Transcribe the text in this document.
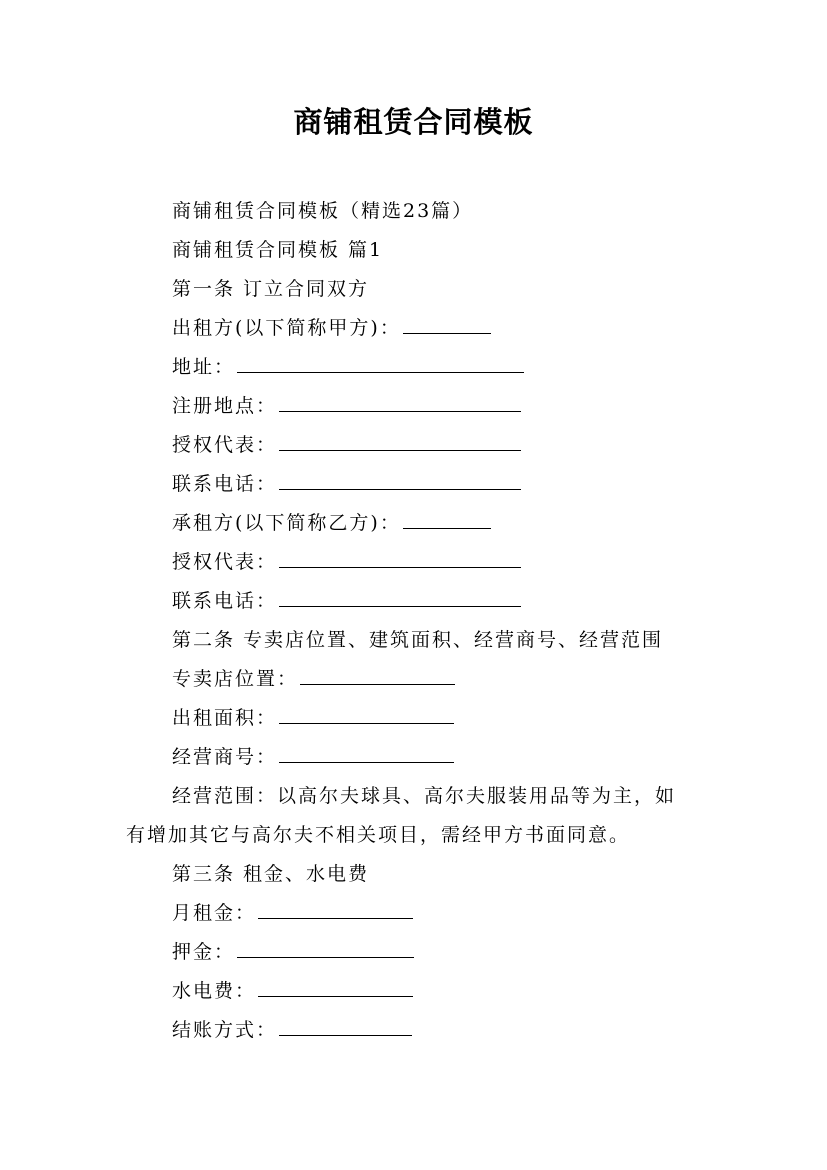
商铺租赁合同模板
商铺租赁合同模板（精选23篇）
商铺租赁合同模板 篇1
第一条 订立合同双方
出租方(以下简称甲方)：
地址：
注册地点：
授权代表：
联系电话：
承租方(以下简称乙方)：
授权代表：
联系电话：
第二条 专卖店位置、建筑面积、经营商号、经营范围
专卖店位置：
出租面积：
经营商号：
经营范围：以高尔夫球具、高尔夫服装用品等为主，如
有增加其它与高尔夫不相关项目，需经甲方书面同意。
第三条 租金、水电费
月租金：
押金：
水电费：
结账方式：
